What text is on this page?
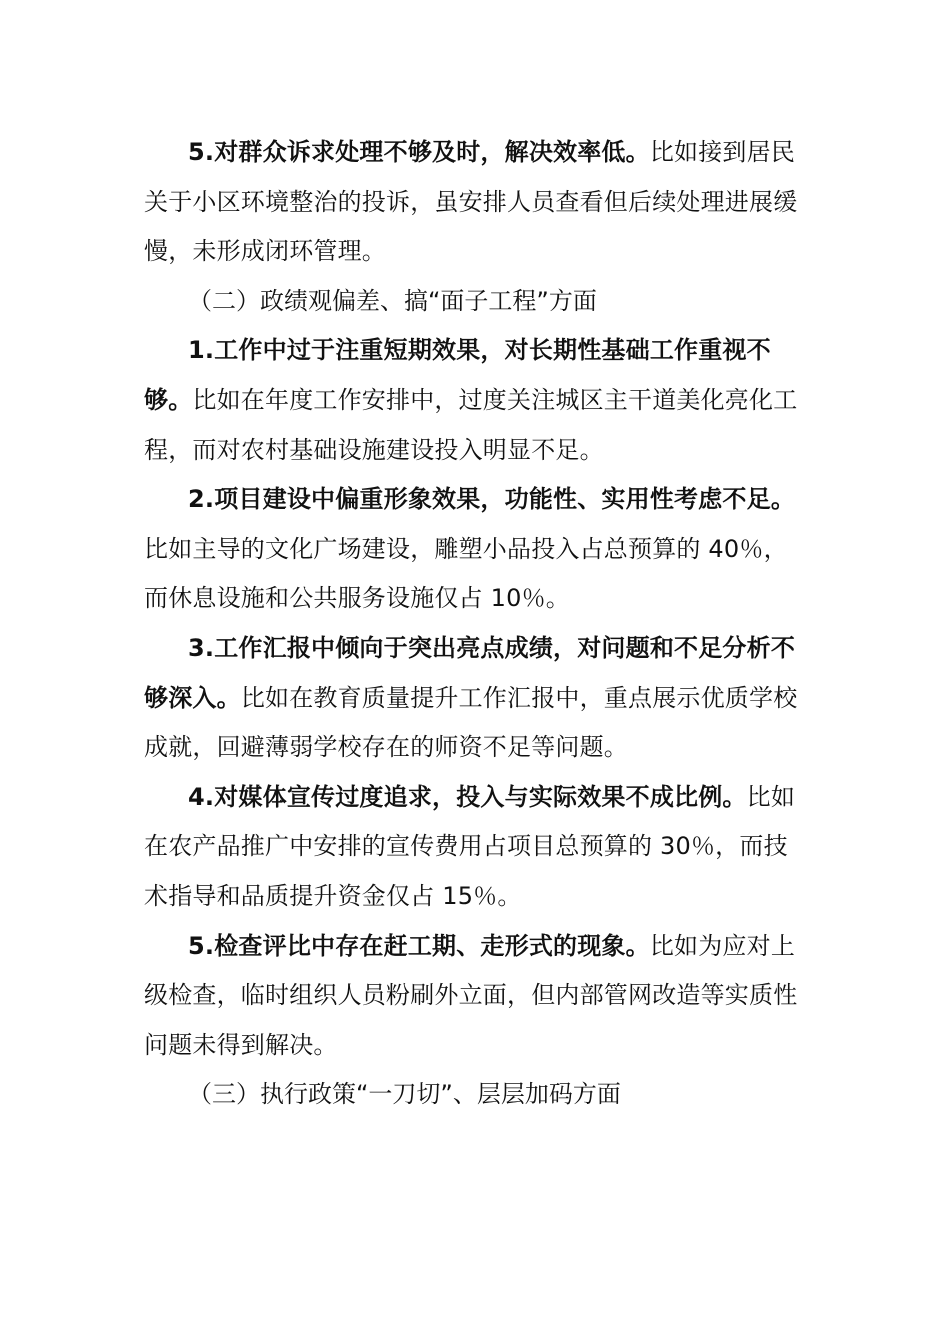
5.对群众诉求处理不够及时，解决效率低。比如接到居民关于小区环境整治的投诉，虽安排人员查看但后续处理进展缓慢，未形成闭环管理。

（二）政绩观偏差、搞“面子工程”方面

1.工作中过于注重短期效果，对长期性基础工作重视不够。比如在年度工作安排中，过度关注城区主干道美化亮化工程，而对农村基础设施建设投入明显不足。

2.项目建设中偏重形象效果，功能性、实用性考虑不足。比如主导的文化广场建设，雕塑小品投入占总预算的 40％，而休息设施和公共服务设施仅占 10％。

3.工作汇报中倾向于突出亮点成绩，对问题和不足分析不够深入。比如在教育质量提升工作汇报中，重点展示优质学校成就，回避薄弱学校存在的师资不足等问题。

4.对媒体宣传过度追求，投入与实际效果不成比例。比如在农产品推广中安排的宣传费用占项目总预算的 30％，而技术指导和品质提升资金仅占 15％。

5.检查评比中存在赶工期、走形式的现象。比如为应对上级检查，临时组织人员粉刷外立面，但内部管网改造等实质性问题未得到解决。

（三）执行政策“一刀切”、层层加码方面
